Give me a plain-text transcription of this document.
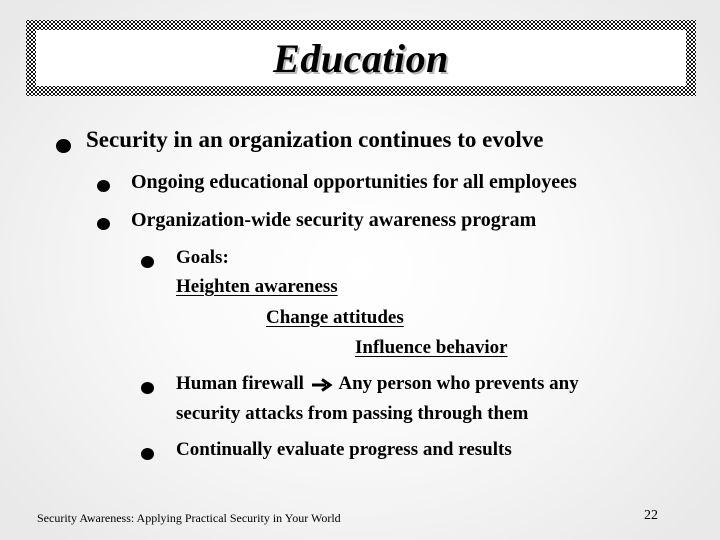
Education
Security in an organization continues to evolve
Ongoing educational opportunities for all employees
Organization-wide security awareness program
Goals:
Heighten awareness
Change attitudes
Influence behavior
Human firewall Any person who prevents any
security attacks from passing through them
Continually evaluate progress and results
Security Awareness: Applying Practical Security in Your World	22
